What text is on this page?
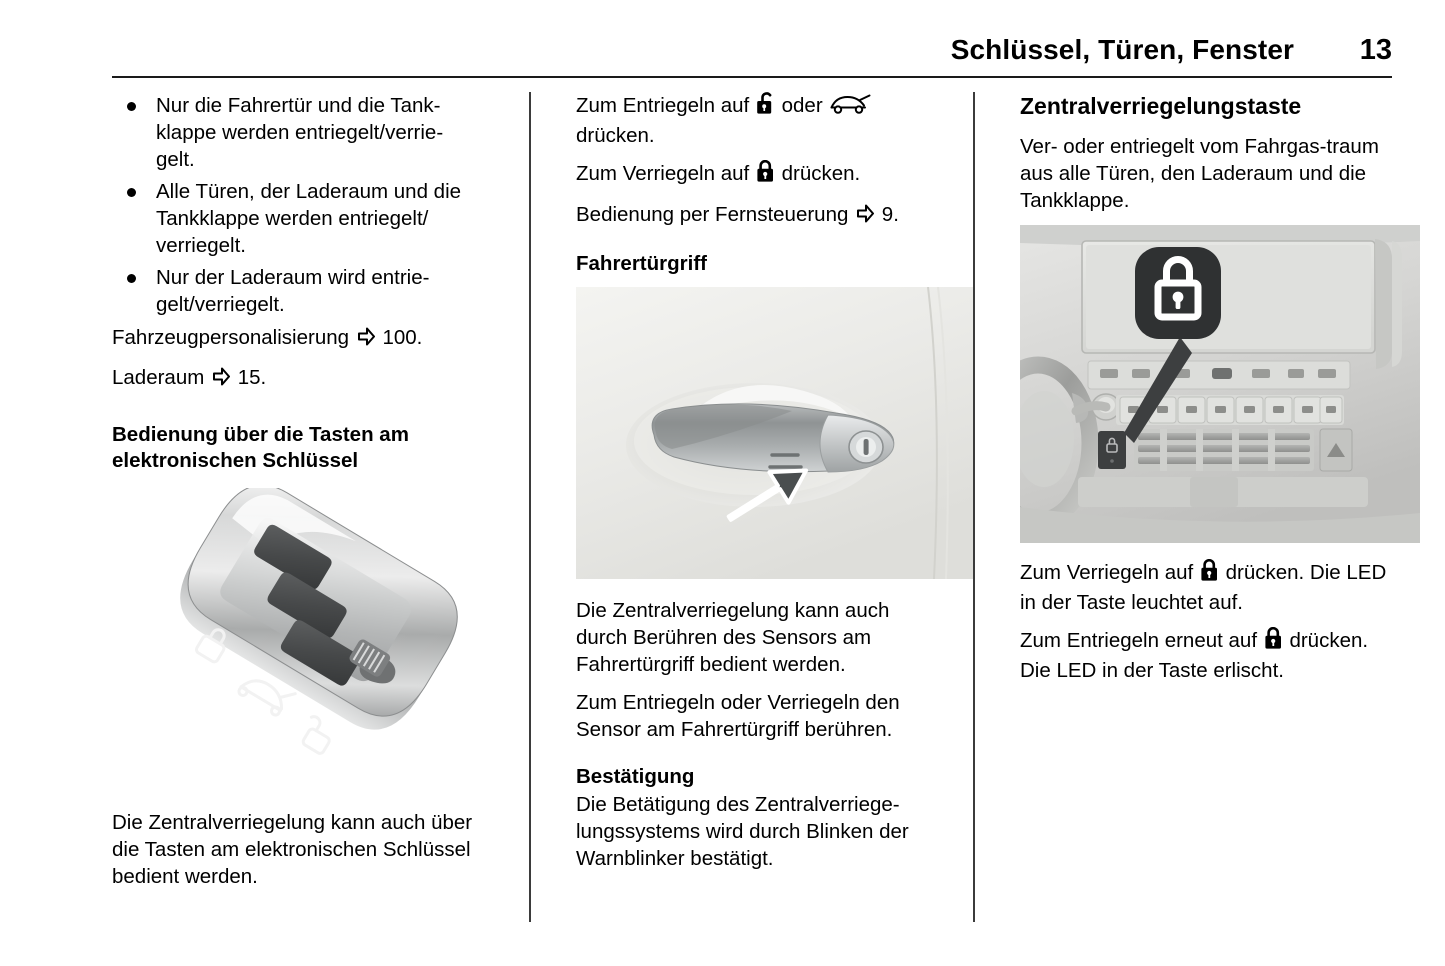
Schlüssel, Türen, Fenster	13
Nur die Fahrertür und die Tank-
klappe werden entriegelt/verrie-
gelt.
Alle Türen, der Laderaum und die
Tankklappe werden entriegelt/
verriegelt.
Nur der Laderaum wird entrie-
gelt/verriegelt.

Fahrzeugpersonalisierung 100.

Laderaum 15.

Bedienung über die Tasten am elektronischen Schlüssel

Die Zentralverriegelung kann auch über die Tasten am elektronischen Schlüssel bedient werden.

Zum Entriegeln auf oder
drücken.

Zum Verriegeln auf drücken.

Bedienung per Fernsteuerung 9.

Fahrertürgriff

Die Zentralverriegelung kann auch durch Berühren des Sensors am Fahrertürgriff bedient werden.

Zum Entriegeln oder Verriegeln den Sensor am Fahrertürgriff berühren.

Bestätigung

Die Betätigung des Zentralverriege-lungssystems wird durch Blinken der Warnblinker bestätigt.

Zentralverriegelungstaste

Ver- oder entriegelt vom Fahrgas-traum aus alle Türen, den Laderaum und die Tankklappe.

Zum Verriegeln auf drücken. Die LED in der Taste leuchtet auf.

Zum Entriegeln erneut auf drücken. Die LED in der Taste erlischt.
